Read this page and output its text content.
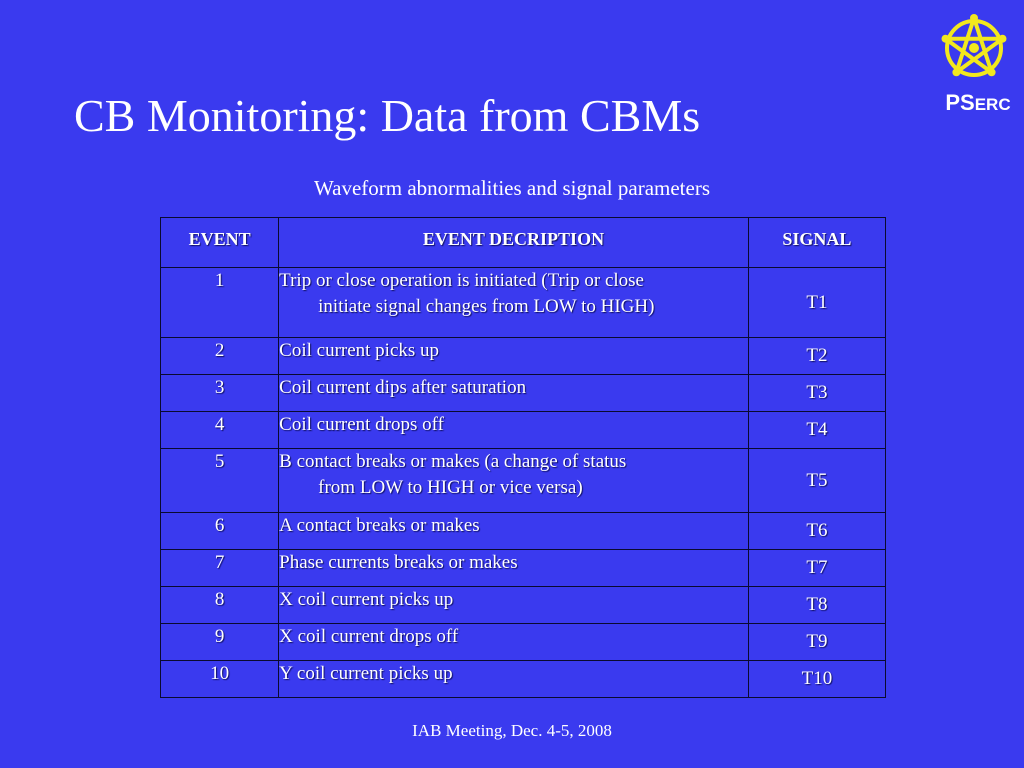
CB Monitoring: Data from CBMs	PSERC
Waveform abnormalities and signal parameters
EVENT	EVENT DECRIPTION	SIGNAL
1	Trip or close operation is initiated (Trip or close
initiate signal changes from LOW to HIGH)	T1
2	Coil current picks up	T2
3	Coil current dips after saturation	T3
4	Coil current drops off	T4
5	B contact breaks or makes (a change of status
from LOW to HIGH or vice versa)	T5
6	A contact breaks or makes	T6
7	Phase currents breaks or makes	T7
8	X coil current picks up	T8
9	X coil current drops off	T9
10	Y coil current picks up	T10
IAB Meeting, Dec. 4-5, 2008
